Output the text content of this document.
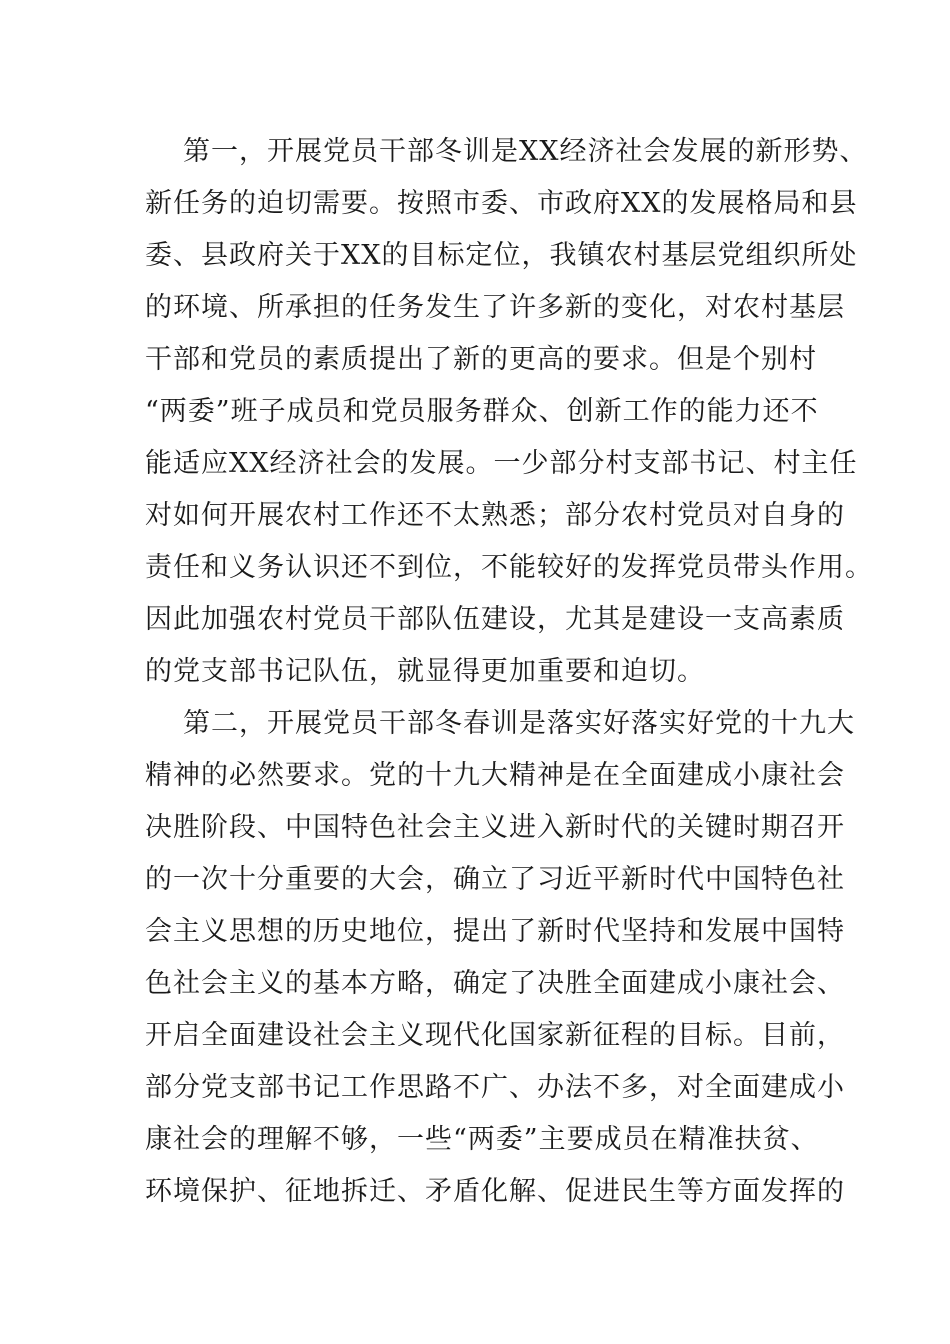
第一，开展党员干部冬训是XX经济社会发展的新形势、
新任务的迫切需要。按照市委、市政府XX的发展格局和县
委、县政府关于XX的目标定位，我镇农村基层党组织所处
的环境、所承担的任务发生了许多新的变化，对农村基层
干部和党员的素质提出了新的更高的要求。但是个别村
“两委”班子成员和党员服务群众、创新工作的能力还不
能适应XX经济社会的发展。一少部分村支部书记、村主任
对如何开展农村工作还不太熟悉；部分农村党员对自身的
责任和义务认识还不到位，不能较好的发挥党员带头作用。
因此加强农村党员干部队伍建设，尤其是建设一支高素质
的党支部书记队伍，就显得更加重要和迫切。
第二，开展党员干部冬春训是落实好落实好党的十九大
精神的必然要求。党的十九大精神是在全面建成小康社会
决胜阶段、中国特色社会主义进入新时代的关键时期召开
的一次十分重要的大会，确立了习近平新时代中国特色社
会主义思想的历史地位，提出了新时代坚持和发展中国特
色社会主义的基本方略，确定了决胜全面建成小康社会、
开启全面建设社会主义现代化国家新征程的目标。目前，
部分党支部书记工作思路不广、办法不多，对全面建成小
康社会的理解不够，一些“两委”主要成员在精准扶贫、
环境保护、征地拆迁、矛盾化解、促进民生等方面发挥的
